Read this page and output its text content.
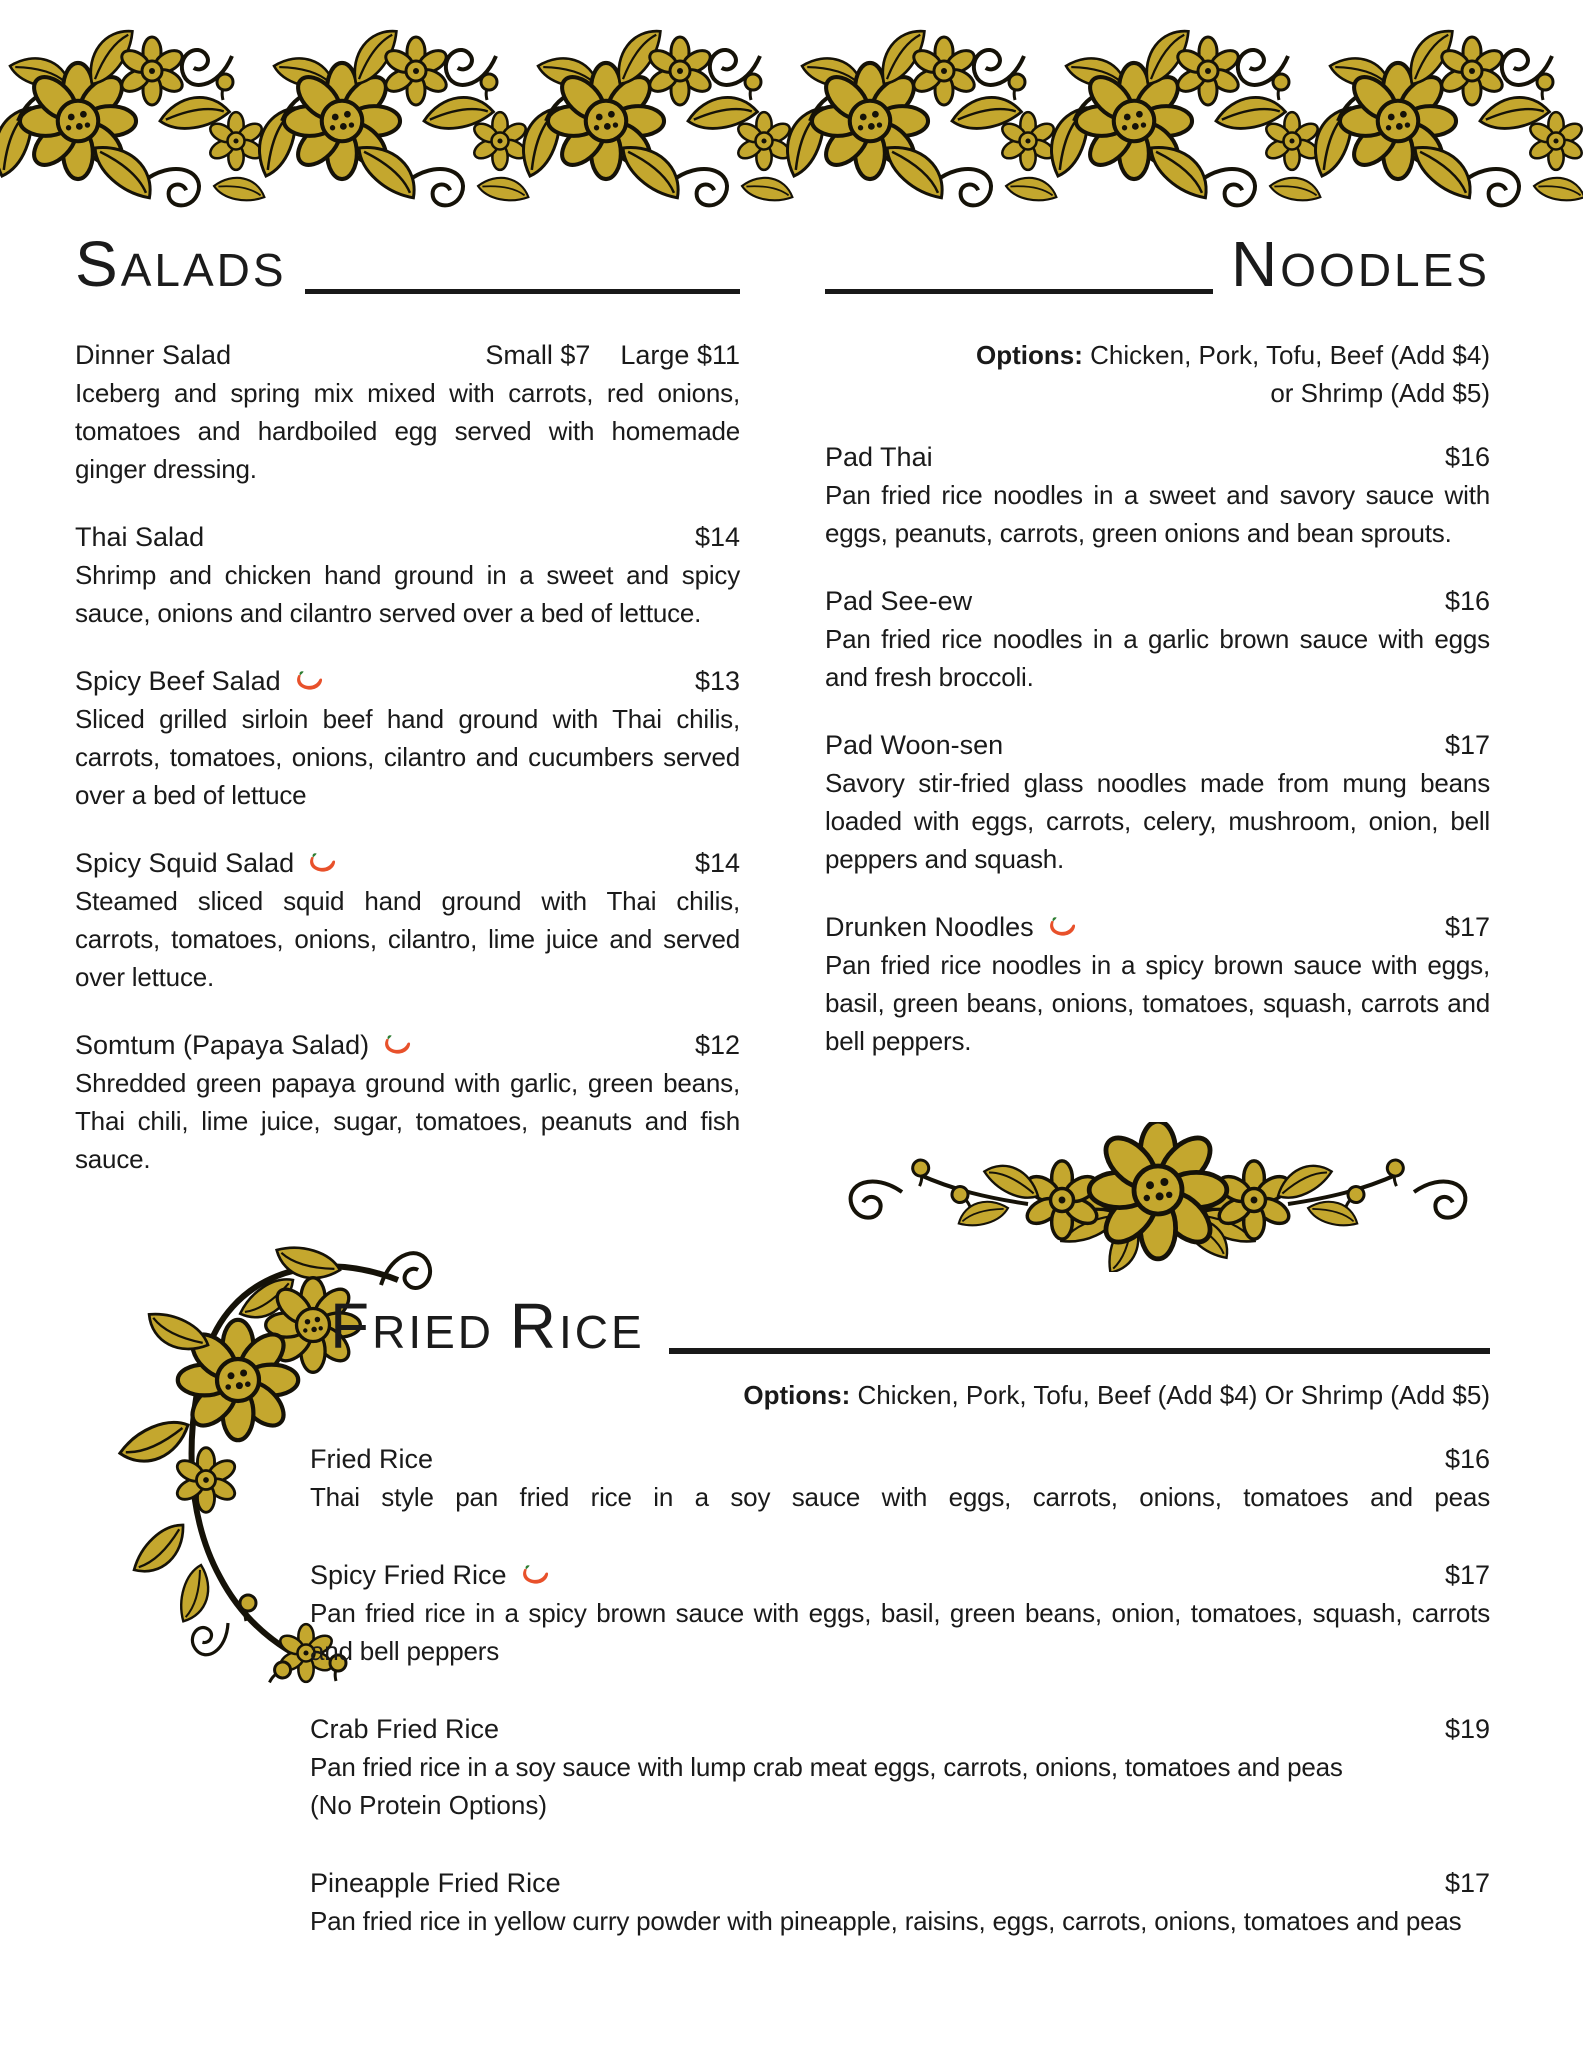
SALADS
Dinner Salad	Small $7    Large $11

Iceberg and spring mix mixed with carrots, red onions, tomatoes and hardboiled egg served with homemade ginger dressing.

Thai Salad	$14

Shrimp and chicken hand ground in a sweet and spicy sauce, onions and cilantro served over a bed of lettuce.

Spicy Beef Salad	$13

Sliced grilled sirloin beef hand ground with Thai chilis, carrots, tomatoes, onions, cilantro and cucumbers served over a bed of lettuce

Spicy Squid Salad	$14

Steamed sliced squid hand ground with Thai chilis, carrots, tomatoes, onions, cilantro, lime juice and served over lettuce.

Somtum (Papaya Salad)	$12

Shredded green papaya ground with garlic, green beans, Thai chili, lime juice, sugar, tomatoes, peanuts and fish sauce.

NOODLES
Options: Chicken, Pork, Tofu, Beef (Add $4)
or Shrimp (Add $5)
Pad Thai	$16

Pan fried rice noodles in a sweet and savory sauce with eggs, peanuts, carrots, green onions and bean sprouts.

Pad See-ew	$16

Pan fried rice noodles in a garlic brown sauce with eggs and fresh broccoli.

Pad Woon-sen	$17

Savory stir-fried glass noodles made from mung beans loaded with eggs, carrots, celery, mushroom, onion, bell peppers and squash.

Drunken Noodles	$17

Pan fried rice noodles in a spicy brown sauce with eggs, basil, green beans, onions, tomatoes, squash, carrots and bell peppers.

FRIED RICE
Options: Chicken, Pork, Tofu, Beef (Add $4) Or Shrimp (Add $5)
Fried Rice	$16

Thai style pan fried rice in a soy sauce with eggs, carrots, onions, tomatoes and peas

Spicy Fried Rice	$17

Pan fried rice in a spicy brown sauce with eggs, basil, green beans, onion, tomatoes, squash, carrots and bell peppers

Crab Fried Rice	$19

Pan fried rice in a soy sauce with lump crab meat eggs, carrots, onions, tomatoes and peas

(No Protein Options)
Pineapple Fried Rice	$17

Pan fried rice in yellow curry powder with pineapple, raisins, eggs, carrots, onions, tomatoes and peas
